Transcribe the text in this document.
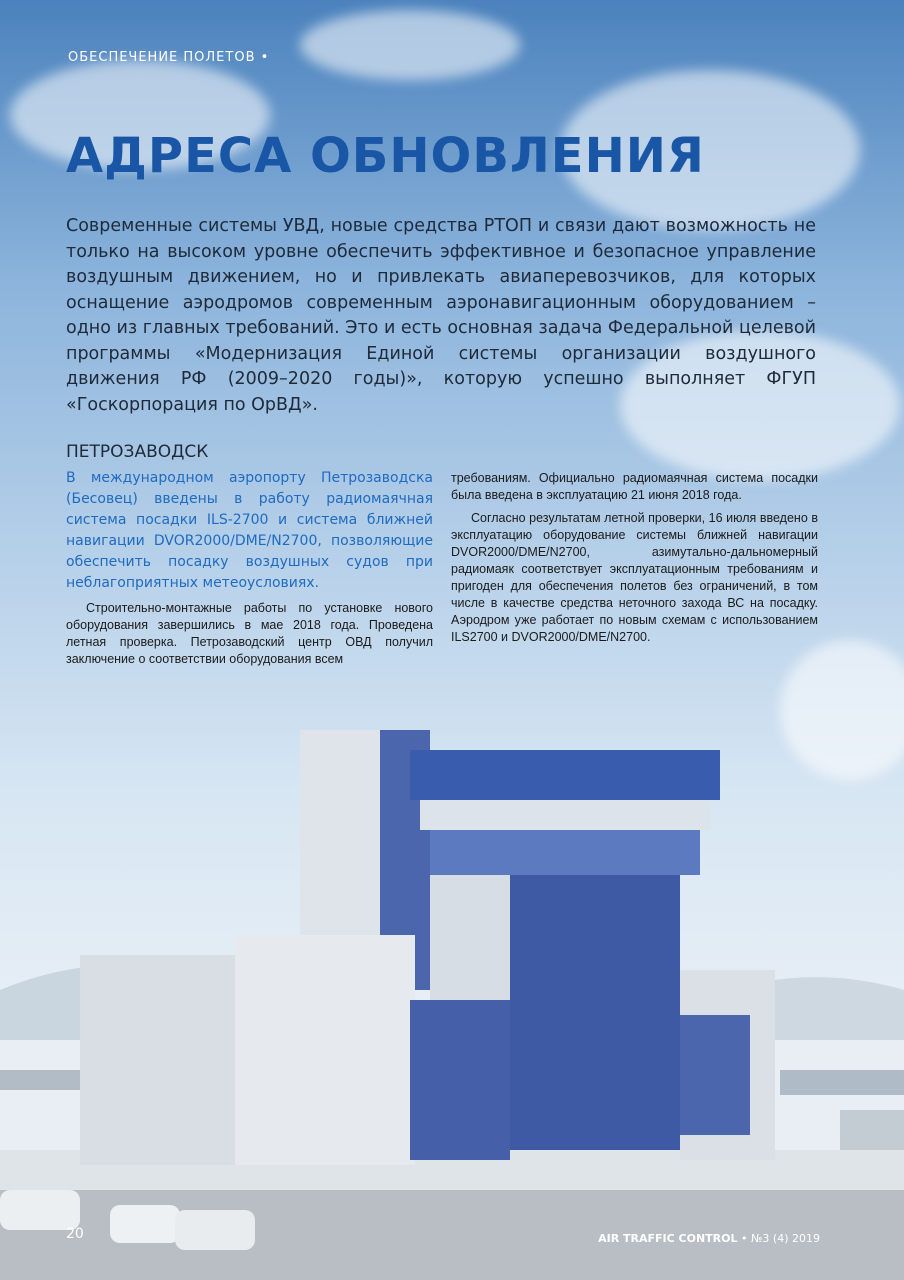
ОБЕСПЕЧЕНИЕ ПОЛЕТОВ •
АДРЕСА ОБНОВЛЕНИЯ

Современные системы УВД, новые средства РТОП и связи дают возможность не только на высоком уровне обеспечить эффективное и безопасное управление воздушным движением, но и привлекать авиаперевозчиков, для которых оснащение аэродромов современным аэронавигационным оборудованием – одно из главных требований. Это и есть основная задача Федеральной целевой программы «Модернизация Единой системы организации воздушного движения РФ (2009–2020 годы)», которую успешно выполняет ФГУП «Госкорпорация по ОрВД».

ПЕТРОЗАВОДСК

В международном аэропорту Петрозаводска (Бесовец) введены в работу радиомаячная система посадки ILS-2700 и система ближней навигации DVOR2000/DME/N2700, позволяющие обеспечить посадку воздушных судов при неблагоприятных метеоусловиях.

Строительно-монтажные работы по установке нового оборудования завершились в мае 2018 года. Проведена летная проверка. Петрозаводский центр ОВД получил заключение о соответствии оборудования всем

требованиям. Официально радиомаячная система посадки была введена в эксплуатацию 21 июня 2018 года.

Согласно результатам летной проверки, 16 июля введено в эксплуатацию оборудование системы ближней навигации DVOR2000/DME/N2700, азимутально-дальномерный радиомаяк соответствует эксплуатационным требованиям и пригоден для обеспечения полетов без ограничений, в том числе в качестве средства неточного захода ВС на посадку. Аэродром уже работает по новым схемам с использованием ILS2700 и DVOR2000/DME/N2700.

20	AIR TRAFFIC CONTROL • №3 (4) 2019
